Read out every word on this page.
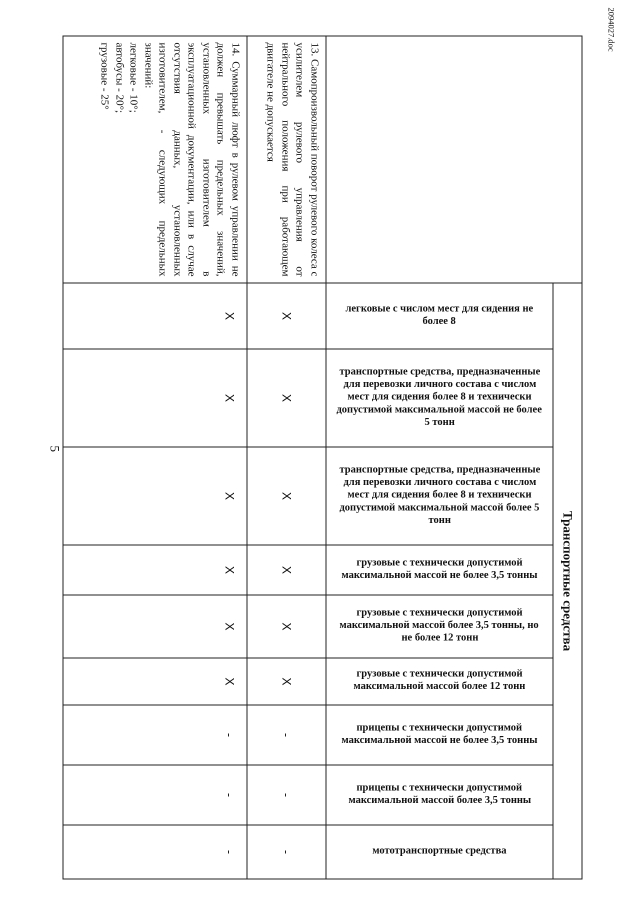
5
	Транспортные средства								

	легковые с числом мест для сидения не более 8	транспортные средства, предназначенные для перевозки личного состава с числом мест для сидения более 8 и технически допустимой максимальной массой не более 5 тонн	транспортные средства, предназначенные для перевозки личного состава с числом мест для сидения более 8 и технически допустимой максимальной массой более 5 тонн	грузовые с технически допустимой максимальной массой не более 3,5 тонны	грузовые с технически допустимой максимальной массой более 3,5 тонны, но не более 12 тонн	грузовые с технически допустимой максимальной массой более 12 тонн	прицепы с технически допустимой максимальной массой не более 3,5 тонны	прицепы с технически допустимой максимальной массой более 3,5 тонны	мототранспортные средства

13. Самопроизвольный поворот рулевого колеса с усилителем рулевого управления от нейтрального положения при работающем двигателе не допускается	X	X	X	X	X	X	-	-	-

14. Суммарный люфт в рулевом управлении не должен превышать предельных значений, установленных изготовителем в эксплуатационной документации, или в случае отсутствия данных, установленных изготовителем, - следующих предельных значений:
легковые - 10°;
автобусы - 20°;
грузовые - 25°	X	X	X	X	X	X	-	-	-
2094027.doc
